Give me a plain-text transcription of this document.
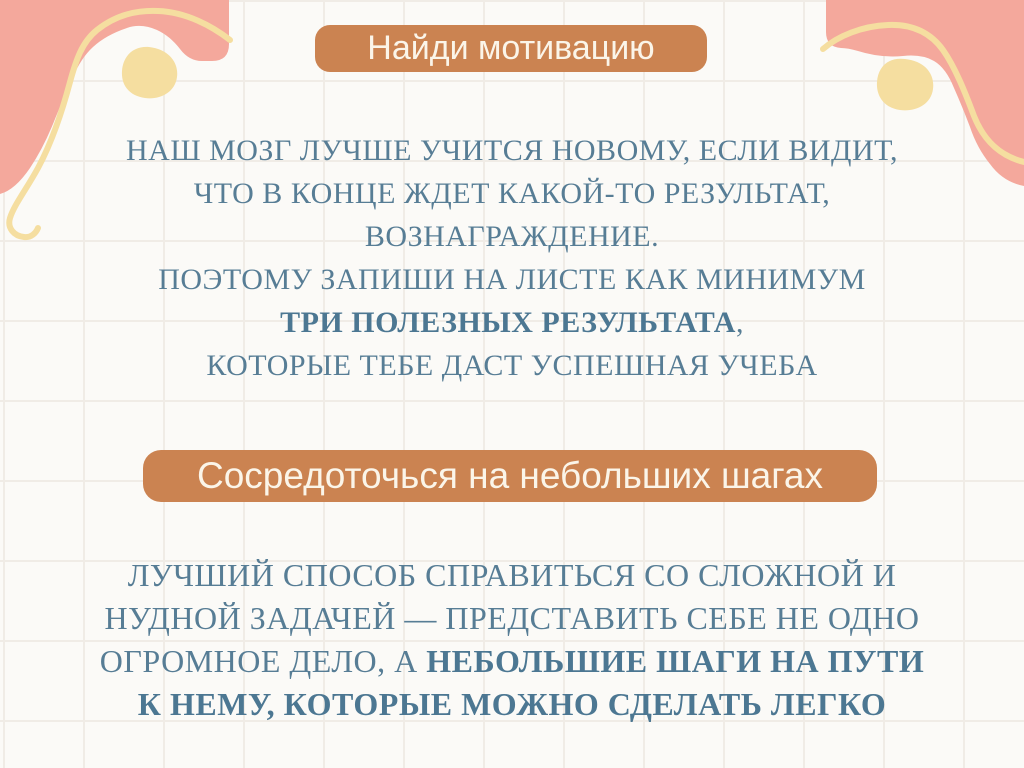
Найди мотивацию
НАШ МОЗГ ЛУЧШЕ УЧИТСЯ НОВОМУ, ЕСЛИ ВИДИТ,
ЧТО В КОНЦЕ ЖДЕТ КАКОЙ-ТО РЕЗУЛЬТАТ,
ВОЗНАГРАЖДЕНИЕ.
ПОЭТОМУ ЗАПИШИ НА ЛИСТЕ КАК МИНИМУМ
ТРИ ПОЛЕЗНЫХ РЕЗУЛЬТАТА,
КОТОРЫЕ ТЕБЕ ДАСТ УСПЕШНАЯ УЧЕБА
Сосредоточься на небольших шагах
ЛУЧШИЙ СПОСОБ СПРАВИТЬСЯ СО СЛОЖНОЙ И
НУДНОЙ ЗАДАЧЕЙ — ПРЕДСТАВИТЬ СЕБЕ НЕ ОДНО
ОГРОМНОЕ ДЕЛО, А НЕБОЛЬШИЕ ШАГИ НА ПУТИ
К НЕМУ, КОТОРЫЕ МОЖНО СДЕЛАТЬ ЛЕГКО
